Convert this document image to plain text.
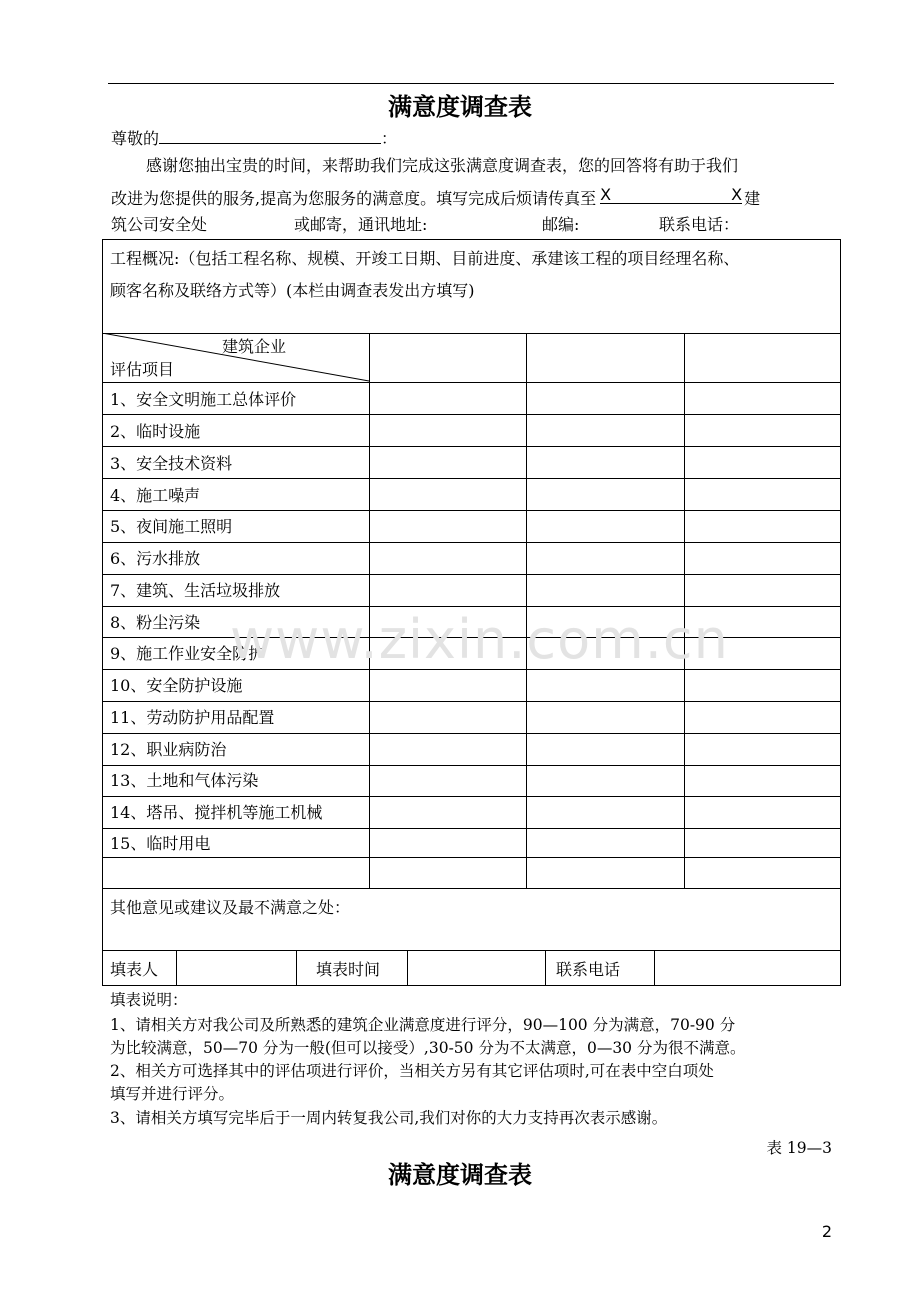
满意度调查表
尊敬的	：
感谢您抽出宝贵的时间，来帮助我们完成这张满意度调查表，您的回答将有助于我们
改进为您提供的服务,提高为您服务的满意度。填写完成后烦请传真至 X	X 建
筑公司安全处	或邮寄，通讯地址:	邮编:	联系电话：
工程概况:（包括工程名称、规模、开竣工日期、目前进度、承建该工程的项目经理名称、
顾客名称及联络方式等）(本栏由调查表发出方填写)
建筑企业
评估项目
1、安全文明施工总体评价
2、临时设施
3、安全技术资料
4、施工噪声
5、夜间施工照明
6、污水排放
7、建筑、生活垃圾排放
8、粉尘污染
9、施工作业安全防护
10、安全防护设施
11、劳动防护用品配置
12、职业病防治
13、土地和气体污染
14、塔吊、搅拌机等施工机械
15、临时用电
其他意见或建议及最不满意之处：
填表人	填表时间	联系电话
填表说明：
1、请相关方对我公司及所熟悉的建筑企业满意度进行评分，90—100 分为满意，70-90 分
为比较满意，50—70 分为一般(但可以接受）,30-50 分为不太满意，0—30 分为很不满意。
2、相关方可选择其中的评估项进行评价，当相关方另有其它评估项时,可在表中空白项处
填写并进行评分。
3、请相关方填写完毕后于一周内转复我公司,我们对你的大力支持再次表示感谢。
表 19—3
满意度调查表
2
www.zixin.com.cn
